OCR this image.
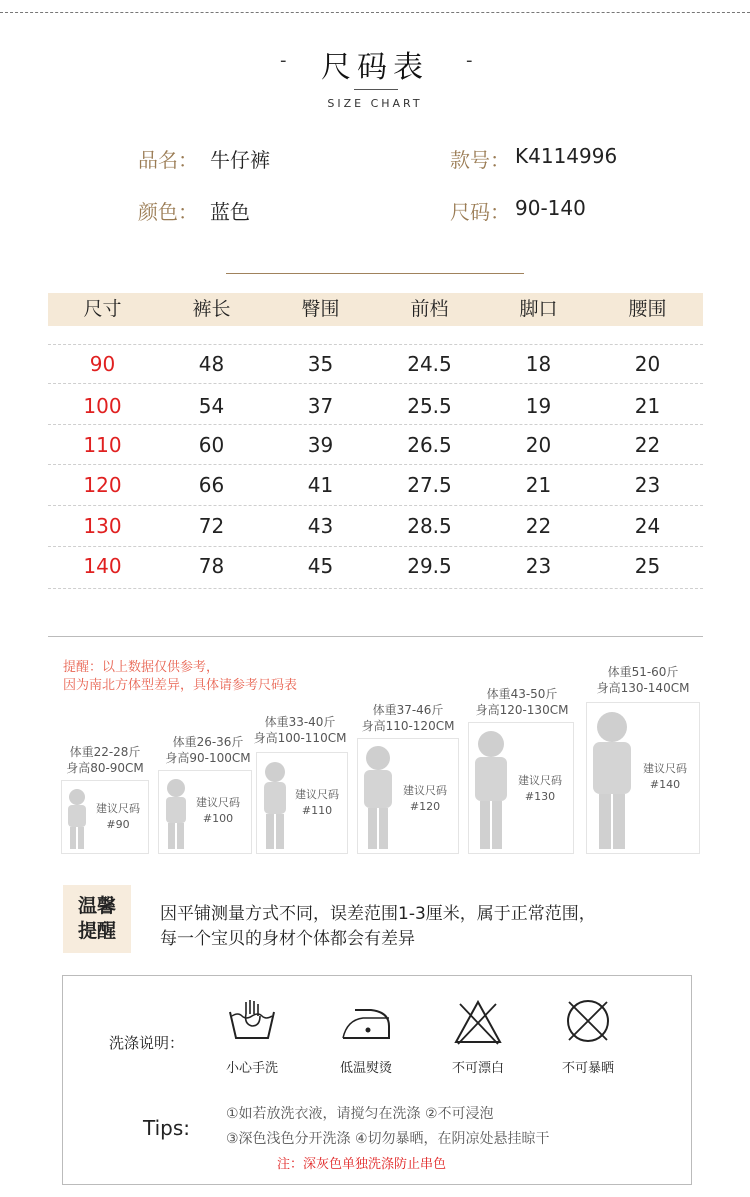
-	尺码表	-
SIZE CHART
品名： 牛仔裤	款号： K4114996
颜色： 蓝色	尺码： 90-140
尺寸	裤长	臀围	前档	脚口	腰围
90	48	35	24.5	18	20
100	54	37	25.5	19	21
110	60	39	26.5	20	22
120	66	41	27.5	21	23
130	72	43	28.5	22	24
140	78	45	29.5	23	25
提醒：以上数据仅供参考，
因为南北方体型差异，具体请参考尺码表
体重22-28斤
身高80-90CM
建议尺码
#90
体重26-36斤
身高90-100CM
建议尺码
#100
体重33-40斤
身高100-110CM
建议尺码
#110
体重37-46斤
身高110-120CM
建议尺码
#120
体重43-50斤
身高120-130CM
建议尺码
#130
体重51-60斤
身高130-140CM
建议尺码
#140
温馨
提醒
因平铺测量方式不同，误差范围1-3厘米，属于正常范围，
每一个宝贝的身材个体都会有差异
洗涤说明：
小心手洗	低温熨烫	不可漂白	不可暴晒
Tips:
①如若放洗衣液，请搅匀在洗涤 ②不可浸泡
③深色浅色分开洗涤 ④切勿暴晒，在阴凉处悬挂晾干
注：深灰色单独洗涤防止串色
